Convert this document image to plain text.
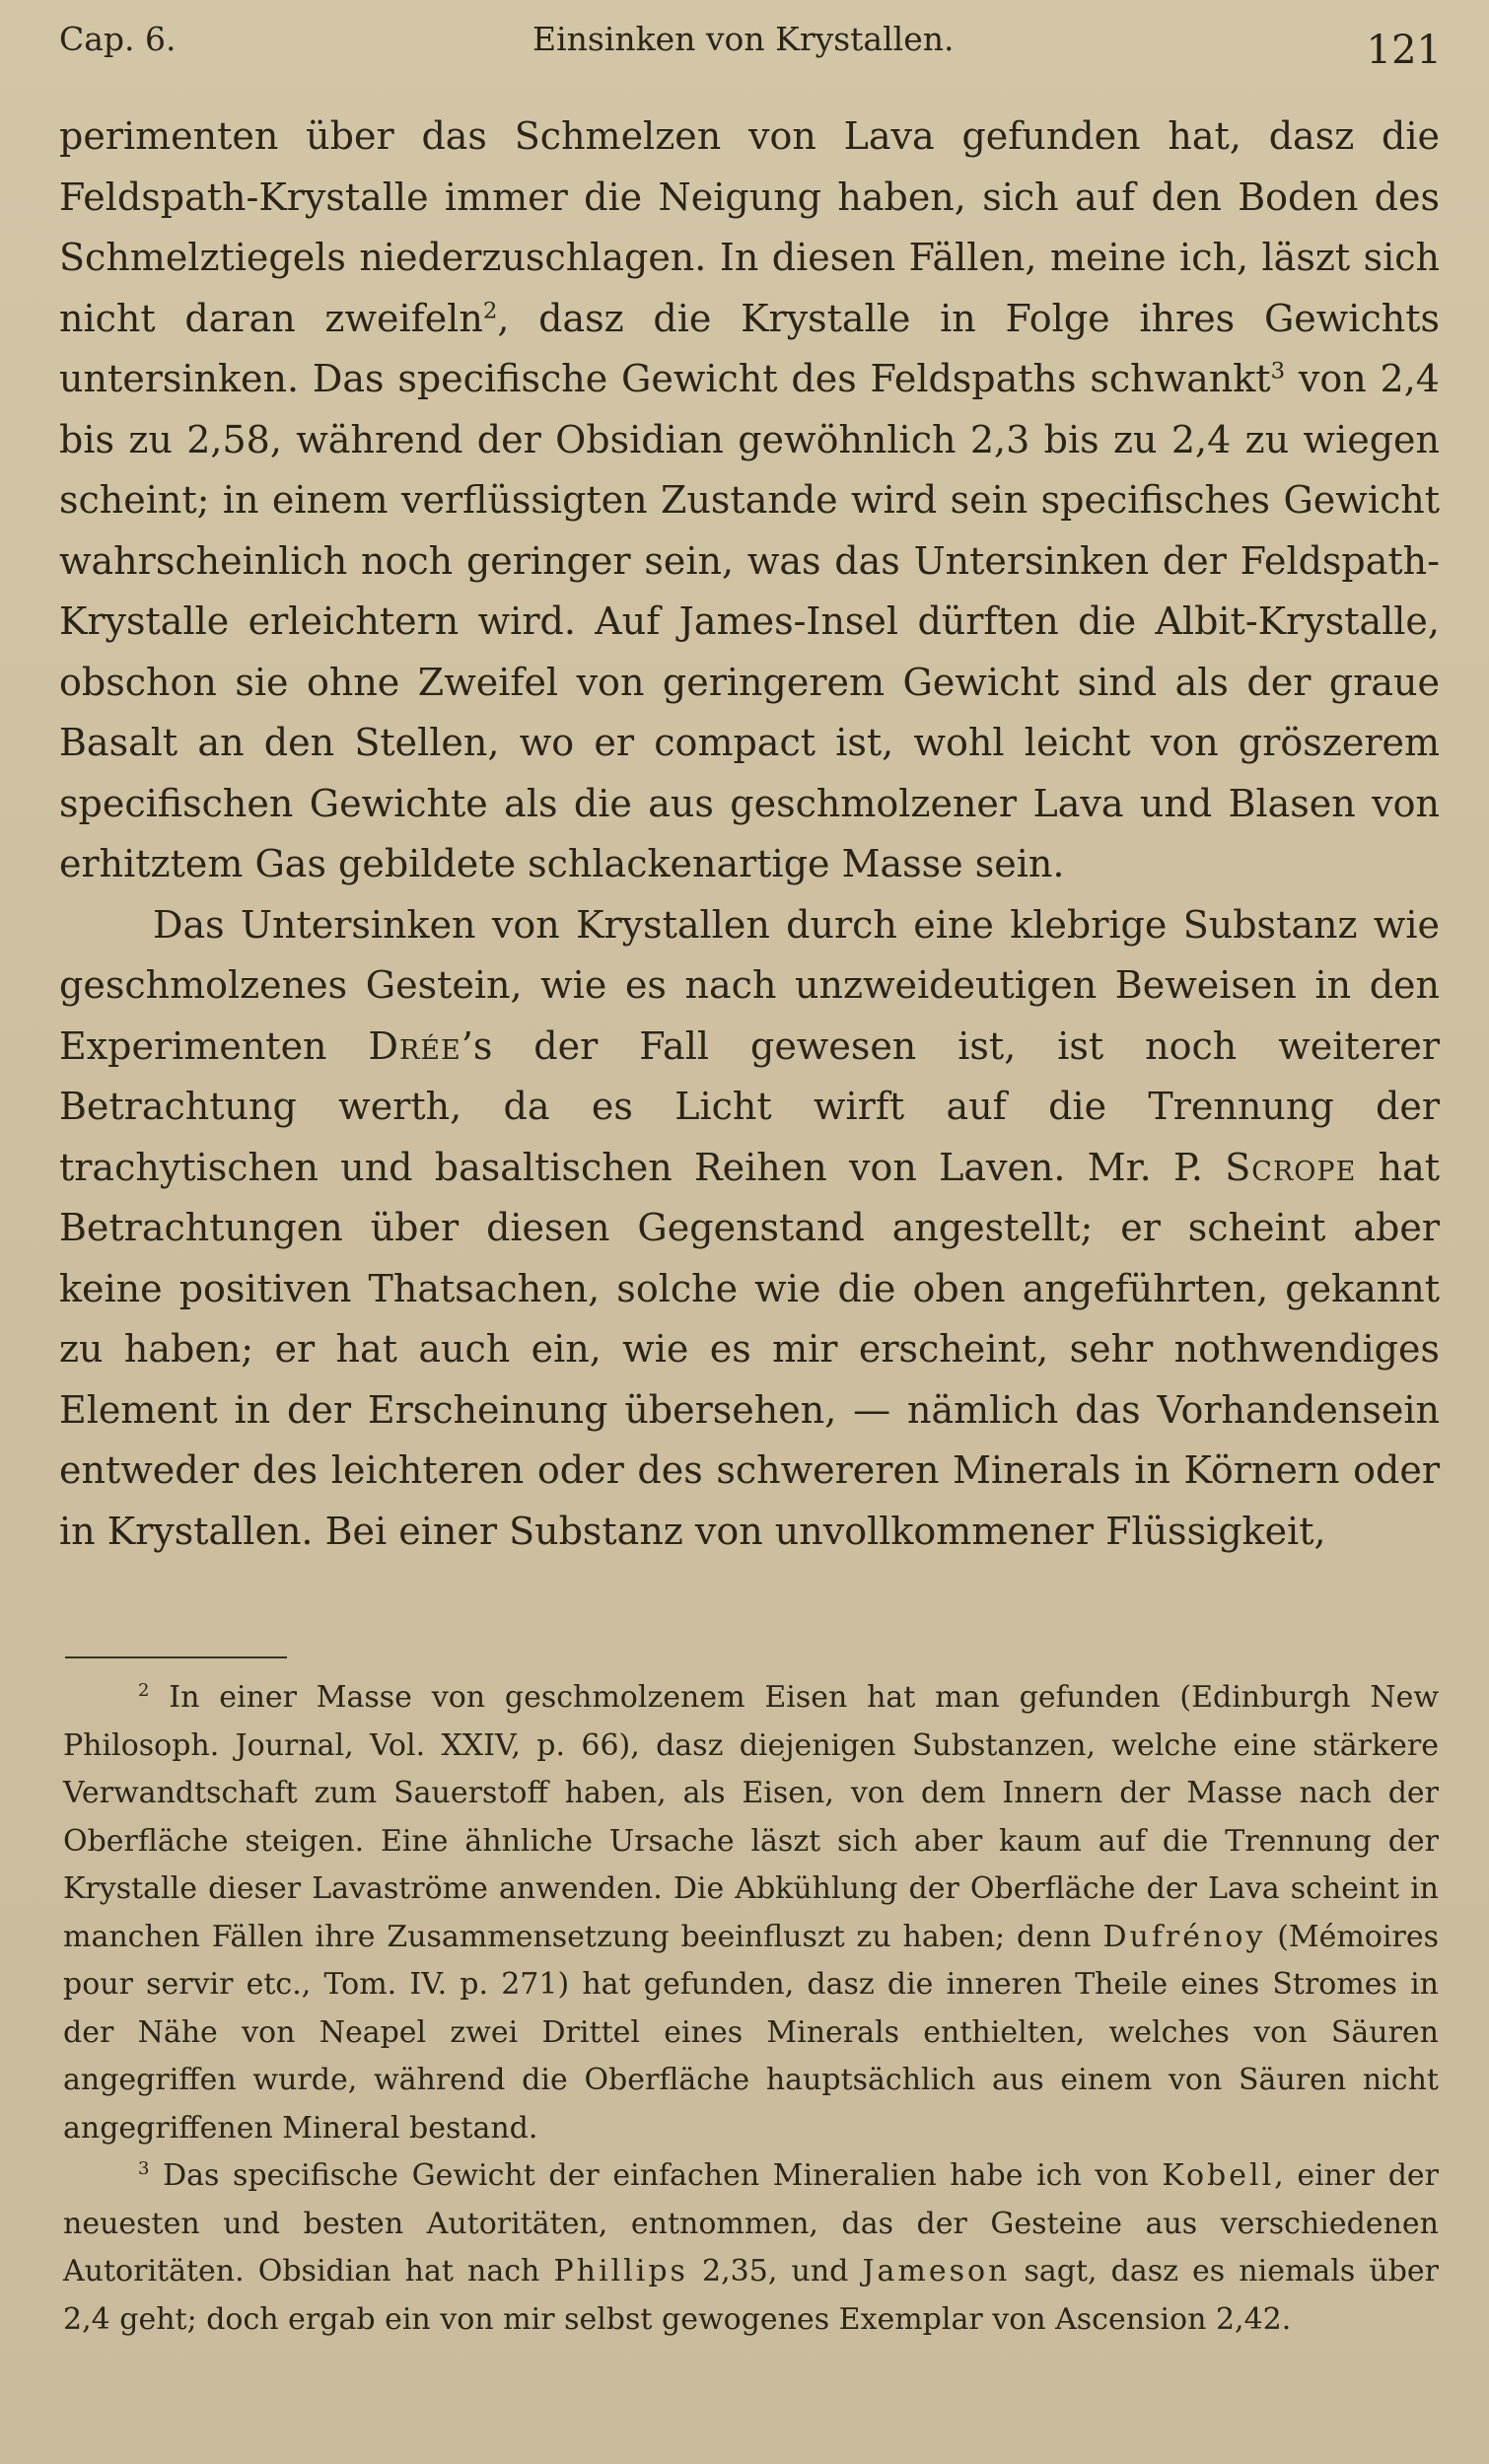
Cap. 6.	Einsinken von Krystallen.	121

perimenten über das Schmelzen von Lava gefunden hat, dasz die Feldspath-Krystalle immer die Neigung haben, sich auf den Boden des Schmelztiegels niederzuschlagen. In diesen Fällen, meine ich, läszt sich nicht daran zweifeln$^2$, dasz die Krystalle in Folge ihres Gewichts untersinken. Das specifische Gewicht des Feldspaths schwankt$^3$ von 2,4 bis zu 2,58, während der Obsidian gewöhnlich 2,3 bis zu 2,4 zu wiegen scheint; in einem verflüssigten Zustande wird sein specifisches Gewicht wahrscheinlich noch geringer sein, was das Untersinken der Feldspath-Krystalle erleichtern wird. Auf James-Insel dürften die Albit-Krystalle, obschon sie ohne Zweifel von geringerem Gewicht sind als der graue Basalt an den Stellen, wo er compact ist, wohl leicht von gröszerem specifischen Gewichte als die aus geschmolzener Lava und Blasen von erhitztem Gas gebildete schlackenartige Masse sein.

Das Untersinken von Krystallen durch eine klebrige Substanz wie geschmolzenes Gestein, wie es nach unzweideutigen Beweisen in den Experimenten Drée’s der Fall gewesen ist, ist noch weiterer Betrachtung werth, da es Licht wirft auf die Trennung der trachytischen und basaltischen Reihen von Laven. Mr. P. Scrope hat Betrachtungen über diesen Gegenstand angestellt; er scheint aber keine positiven Thatsachen, solche wie die oben angeführten, gekannt zu haben; er hat auch ein, wie es mir erscheint, sehr nothwendiges Element in der Erscheinung übersehen, — nämlich das Vorhandensein entweder des leichteren oder des schwereren Minerals in Körnern oder in Krystallen. Bei einer Substanz von unvollkommener Flüssigkeit,

$^2$ In einer Masse von geschmolzenem Eisen hat man gefunden (Edinburgh New Philosoph. Journal, Vol. XXIV, p. 66), dasz diejenigen Substanzen, welche eine stärkere Verwandtschaft zum Sauerstoff haben, als Eisen, von dem Innern der Masse nach der Oberfläche steigen. Eine ähnliche Ursache läszt sich aber kaum auf die Trennung der Krystalle dieser Lavaströme anwenden. Die Abkühlung der Oberfläche der Lava scheint in manchen Fällen ihre Zusammensetzung beeinfluszt zu haben; denn Dufrénoy (Mémoires pour servir etc., Tom. IV. p. 271) hat gefunden, dasz die inneren Theile eines Stromes in der Nähe von Neapel zwei Drittel eines Minerals enthielten, welches von Säuren angegriffen wurde, während die Oberfläche hauptsächlich aus einem von Säuren nicht angegriffenen Mineral bestand.

$^3$ Das specifische Gewicht der einfachen Mineralien habe ich von Kobell, einer der neuesten und besten Autoritäten, entnommen, das der Gesteine aus verschiedenen Autoritäten. Obsidian hat nach Phillips 2,35, und Jameson sagt, dasz es niemals über 2,4 geht; doch ergab ein von mir selbst gewogenes Exemplar von Ascension 2,42.
